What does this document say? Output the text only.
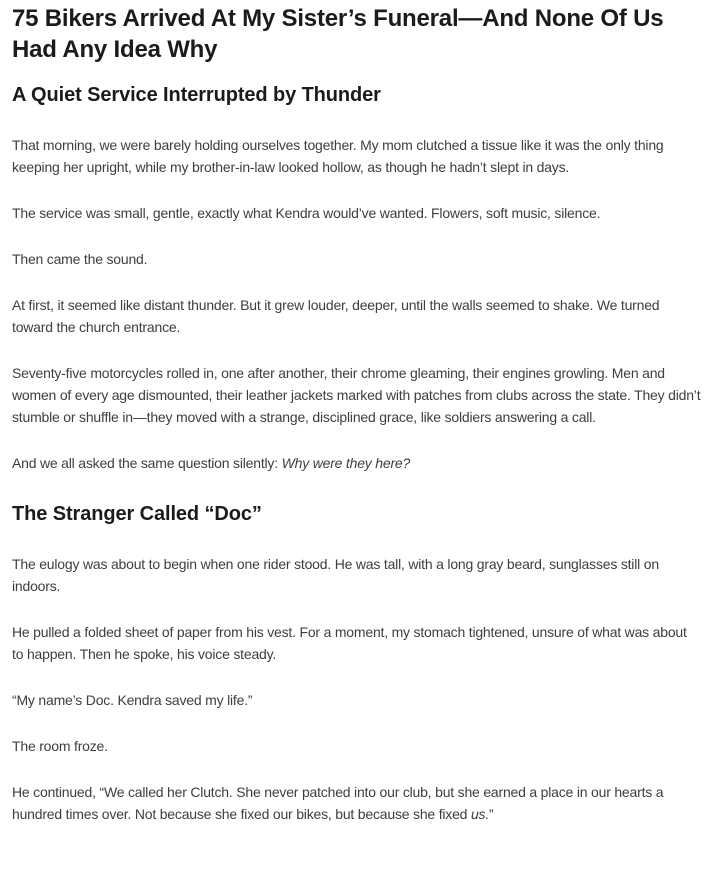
75 Bikers Arrived At My Sister’s Funeral—And None Of Us Had Any Idea Why
A Quiet Service Interrupted by Thunder

That morning, we were barely holding ourselves together. My mom clutched a tissue like it was the only thing keeping her upright, while my brother-in-law looked hollow, as though he hadn’t slept in days.

The service was small, gentle, exactly what Kendra would’ve wanted. Flowers, soft music, silence.

Then came the sound.

At first, it seemed like distant thunder. But it grew louder, deeper, until the walls seemed to shake. We turned toward the church entrance.

Seventy-five motorcycles rolled in, one after another, their chrome gleaming, their engines growling. Men and women of every age dismounted, their leather jackets marked with patches from clubs across the state. They didn’t stumble or shuffle in—they moved with a strange, disciplined grace, like soldiers answering a call.

And we all asked the same question silently: Why were they here?

The Stranger Called “Doc”

The eulogy was about to begin when one rider stood. He was tall, with a long gray beard, sunglasses still on indoors.

He pulled a folded sheet of paper from his vest. For a moment, my stomach tightened, unsure of what was about to happen. Then he spoke, his voice steady.

“My name’s Doc. Kendra saved my life.”

The room froze.

He continued, “We called her Clutch. She never patched into our club, but she earned a place in our hearts a hundred times over. Not because she fixed our bikes, but because she fixed us.”
